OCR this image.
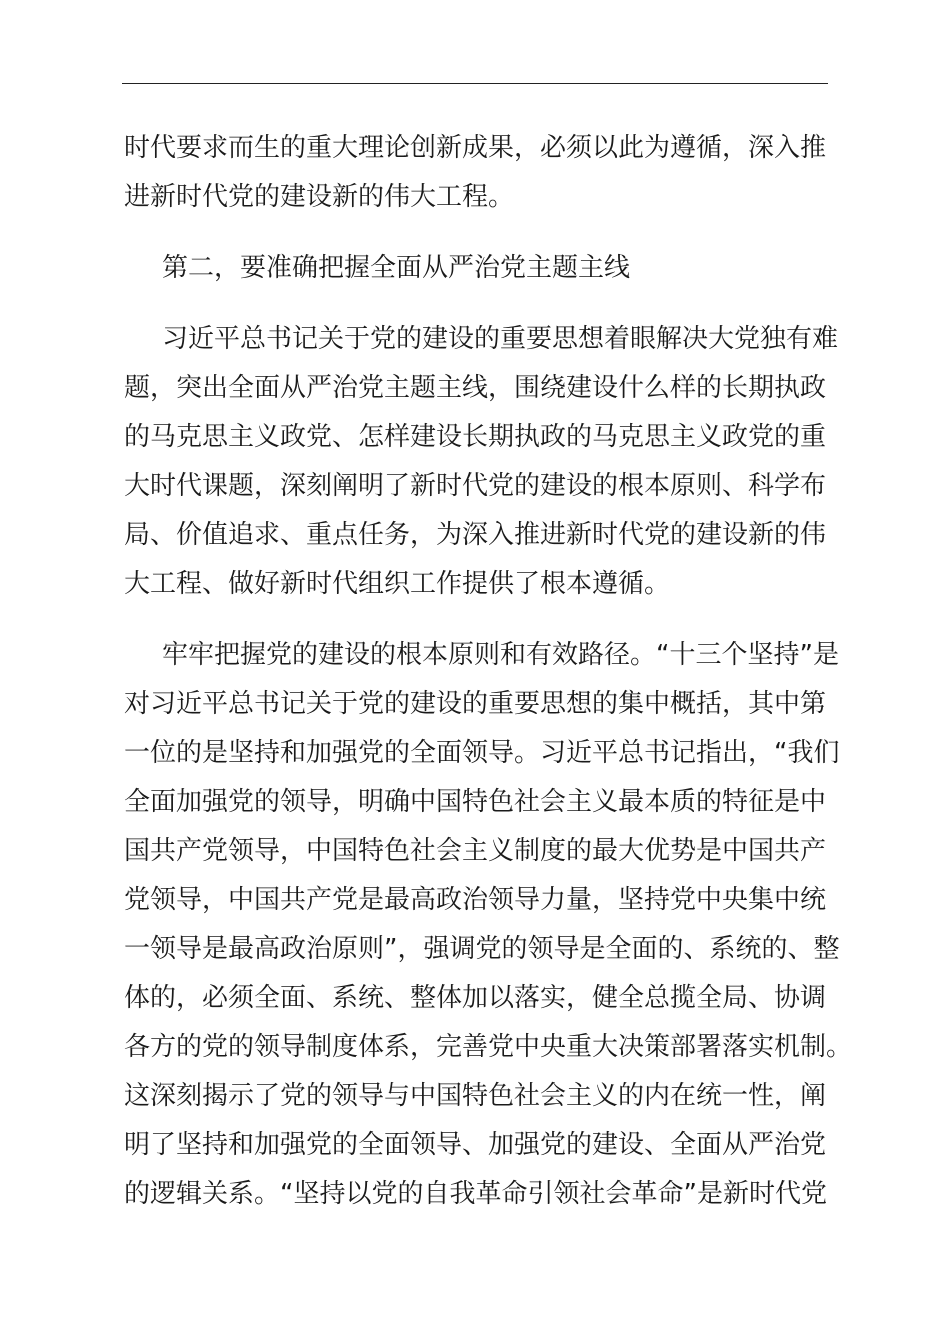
时代要求而生的重大理论创新成果，必须以此为遵循，深入推
进新时代党的建设新的伟大工程。
第二，要准确把握全面从严治党主题主线
习近平总书记关于党的建设的重要思想着眼解决大党独有难
题，突出全面从严治党主题主线，围绕建设什么样的长期执政
的马克思主义政党、怎样建设长期执政的马克思主义政党的重
大时代课题，深刻阐明了新时代党的建设的根本原则、科学布
局、价值追求、重点任务，为深入推进新时代党的建设新的伟
大工程、做好新时代组织工作提供了根本遵循。
牢牢把握党的建设的根本原则和有效路径。“十三个坚持”是
对习近平总书记关于党的建设的重要思想的集中概括，其中第
一位的是坚持和加强党的全面领导。习近平总书记指出，“我们
全面加强党的领导，明确中国特色社会主义最本质的特征是中
国共产党领导，中国特色社会主义制度的最大优势是中国共产
党领导，中国共产党是最高政治领导力量，坚持党中央集中统
一领导是最高政治原则”，强调党的领导是全面的、系统的、整
体的，必须全面、系统、整体加以落实，健全总揽全局、协调
各方的党的领导制度体系，完善党中央重大决策部署落实机制。
这深刻揭示了党的领导与中国特色社会主义的内在统一性，阐
明了坚持和加强党的全面领导、加强党的建设、全面从严治党
的逻辑关系。“坚持以党的自我革命引领社会革命”是新时代党
